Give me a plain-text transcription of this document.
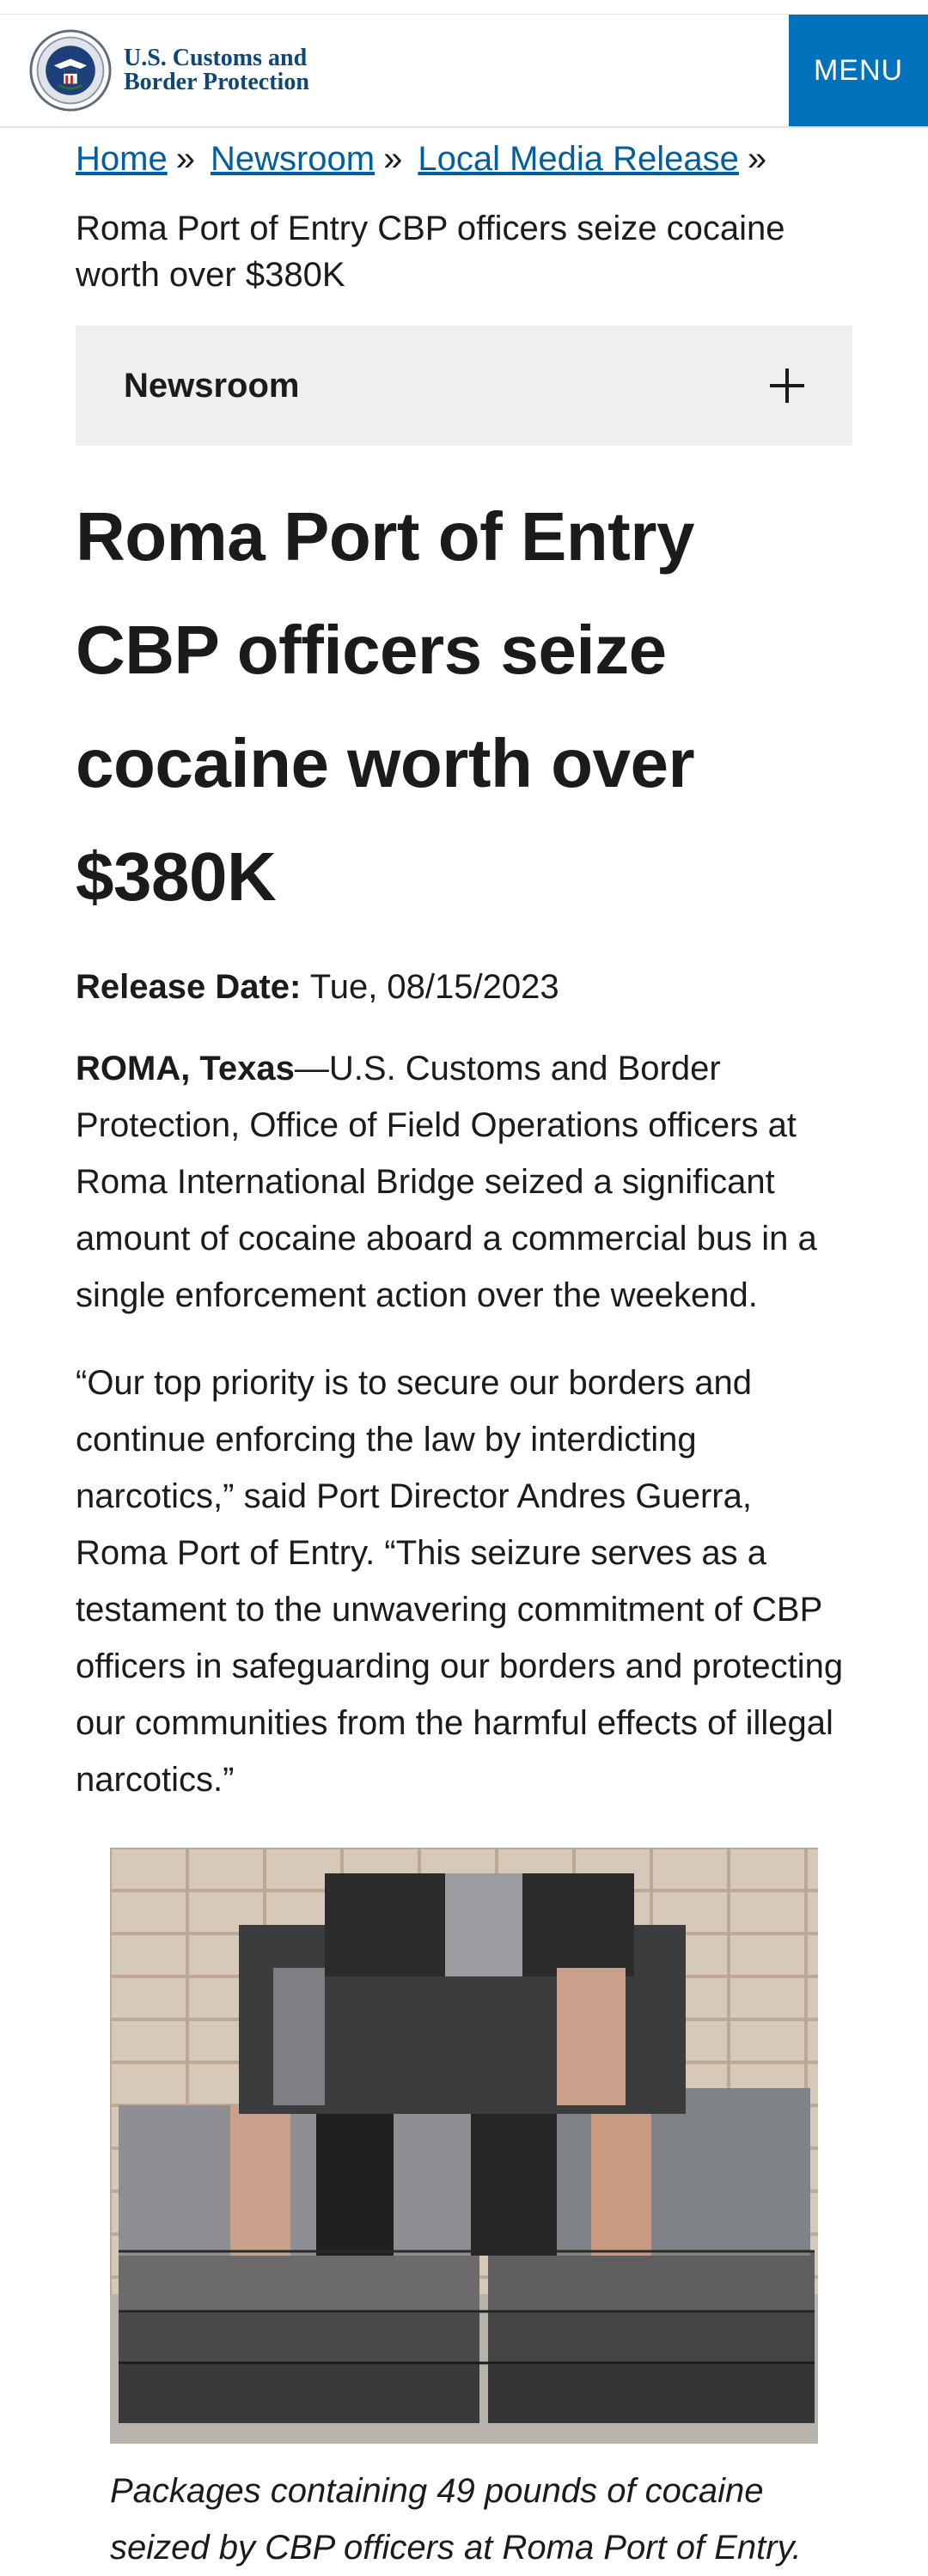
U.S. Customs and
Border Protection	MENU
Home » Newsroom » Local Media Release »
Roma Port of Entry CBP officers seize cocaine worth over $380K
Newsroom
Roma Port of Entry CBP officers seize cocaine worth over $380K
Release Date: Tue, 08/15/2023

ROMA, Texas—U.S. Customs and Border Protection, Office of Field Operations officers at Roma International Bridge seized a significant amount of cocaine aboard a commercial bus in a single enforcement action over the weekend.

“Our top priority is to secure our borders and continue enforcing the law by interdicting narcotics,” said Port Director Andres Guerra, Roma Port of Entry. “This seizure serves as a testament to the unwavering commitment of CBP officers in safeguarding our borders and protecting our communities from the harmful effects of illegal narcotics.”

Packages containing 49 pounds of cocaine seized by CBP officers at Roma Port of Entry.
